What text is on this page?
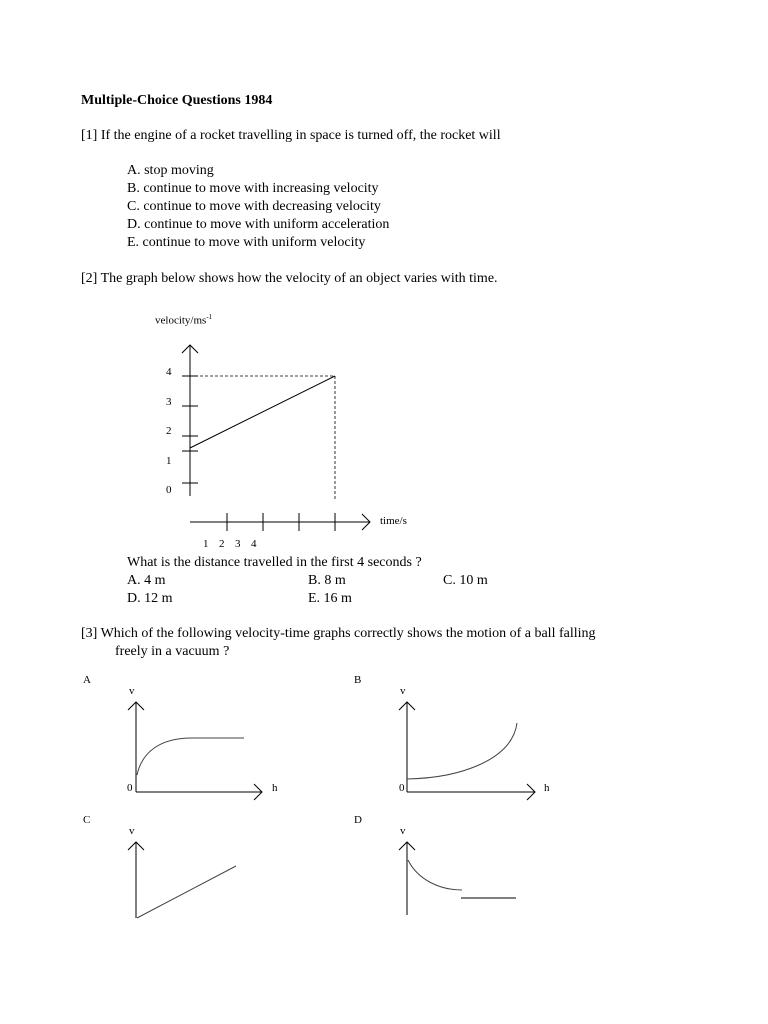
Multiple-Choice Questions 1984
[1] If the engine of a rocket travelling in space is turned off, the rocket will
A. stop moving
B. continue to move with increasing velocity
C. continue to move with decreasing velocity
D. continue to move with uniform acceleration
E. continue to move with uniform velocity
[2] The graph below shows how the velocity of an object varies with time.
velocity/$ms^{-1}$
time/s
4
3
2
1
0
1 2 3 4
What is the distance travelled in the first 4 seconds ?
A. 4 m	B. 8 m	C. 10 m
D. 12 m	E. 16 m
[3] Which of the following velocity-time graphs correctly shows the motion of a ball falling
freely in a vacuum ?
A
v
0	h
B
v
0	h
C
v
D
v
